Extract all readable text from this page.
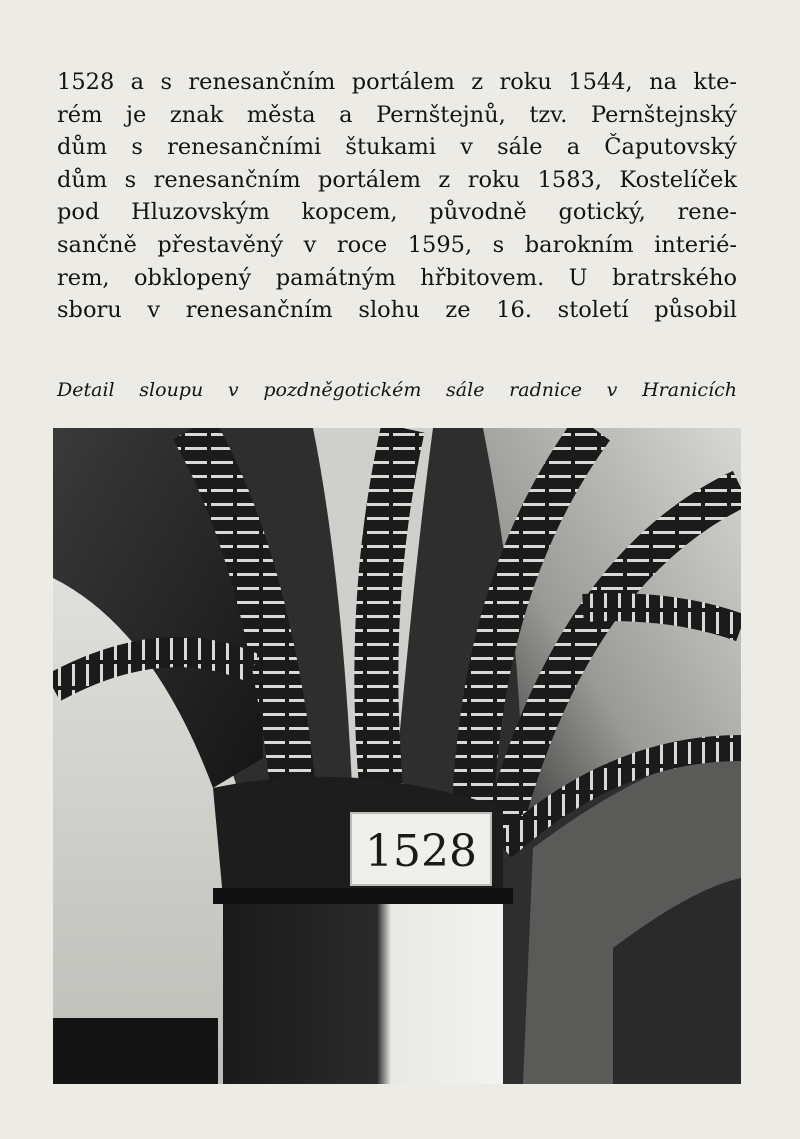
1528 a s renesančním portálem z roku 1544, na kte-
rém je znak města a Pernštejnů, tzv. Pernštejnský
dům s renesančními štukami v sále a Čaputovský
dům s renesančním portálem z roku 1583, Kostelíček
pod Hluzovským kopcem, původně gotický, rene-
sančně přestavěný v roce 1595, s barokním interié-
rem, obklopený památným hřbitovem. U bratrského
sboru v renesančním slohu ze 16. století působil

Detail sloupu v pozdněgotickém sále radnice v Hranicích

1528
